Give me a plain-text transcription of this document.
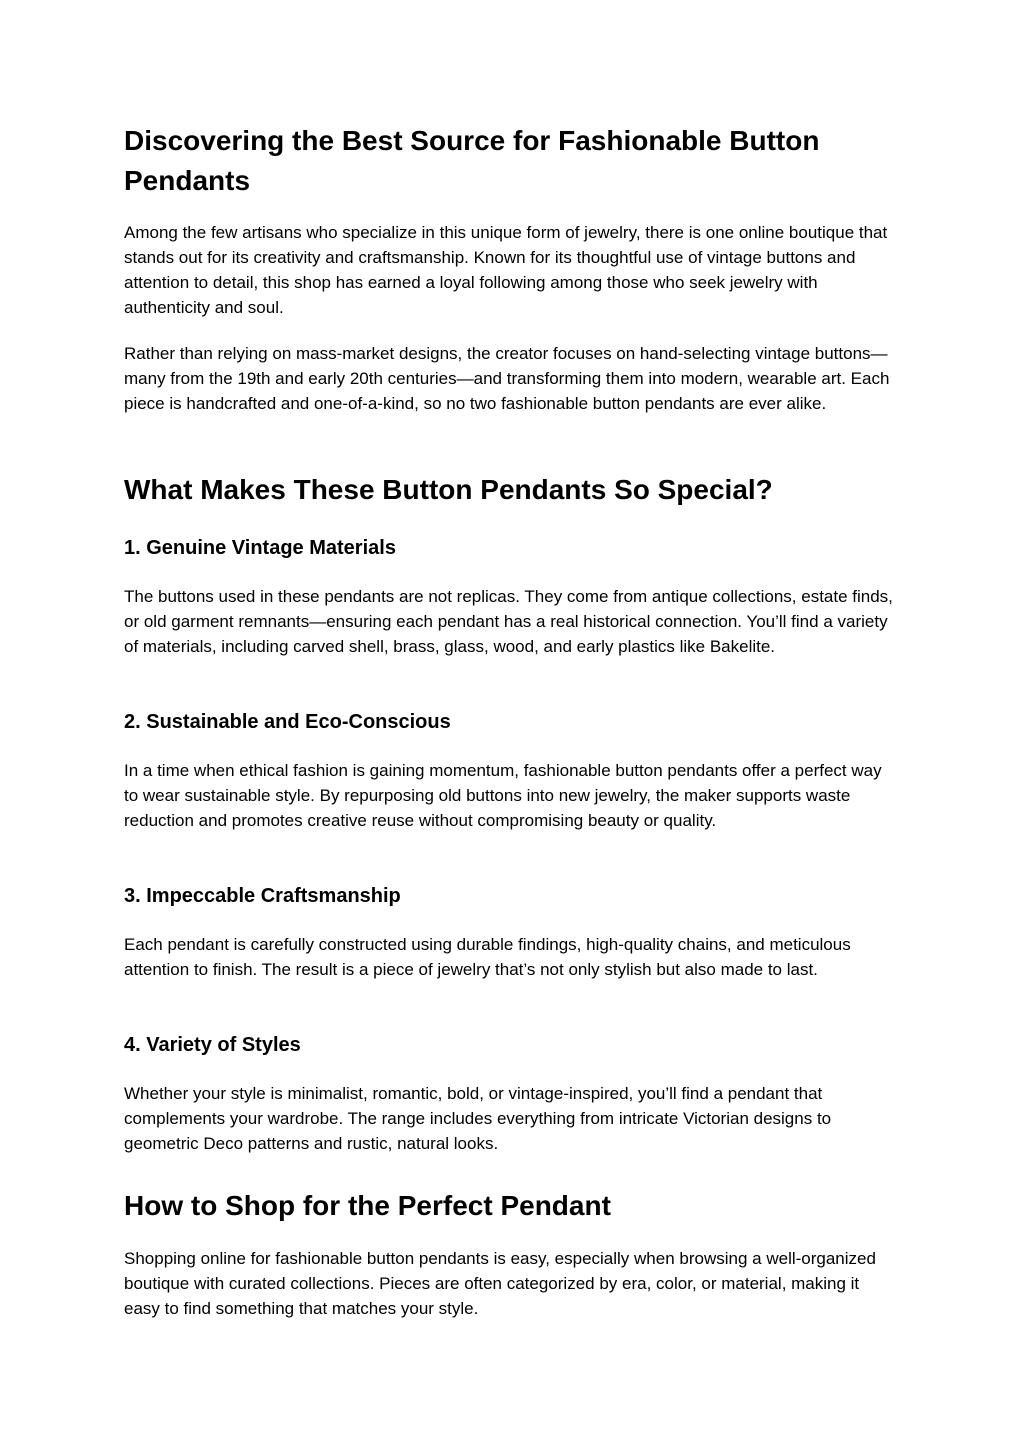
Discovering the Best Source for Fashionable Button Pendants

Among the few artisans who specialize in this unique form of jewelry, there is one online boutique that stands out for its creativity and craftsmanship. Known for its thoughtful use of vintage buttons and attention to detail, this shop has earned a loyal following among those who seek jewelry with authenticity and soul.

Rather than relying on mass-market designs, the creator focuses on hand-selecting vintage buttons—many from the 19th and early 20th centuries—and transforming them into modern, wearable art. Each piece is handcrafted and one-of-a-kind, so no two fashionable button pendants are ever alike.

What Makes These Button Pendants So Special?
1. Genuine Vintage Materials

The buttons used in these pendants are not replicas. They come from antique collections, estate finds, or old garment remnants—ensuring each pendant has a real historical connection. You’ll find a variety of materials, including carved shell, brass, glass, wood, and early plastics like Bakelite.

2. Sustainable and Eco-Conscious

In a time when ethical fashion is gaining momentum, fashionable button pendants offer a perfect way to wear sustainable style. By repurposing old buttons into new jewelry, the maker supports waste reduction and promotes creative reuse without compromising beauty or quality.

3. Impeccable Craftsmanship

Each pendant is carefully constructed using durable findings, high-quality chains, and meticulous attention to finish. The result is a piece of jewelry that’s not only stylish but also made to last.

4. Variety of Styles

Whether your style is minimalist, romantic, bold, or vintage-inspired, you’ll find a pendant that complements your wardrobe. The range includes everything from intricate Victorian designs to geometric Deco patterns and rustic, natural looks.

How to Shop for the Perfect Pendant

Shopping online for fashionable button pendants is easy, especially when browsing a well-organized boutique with curated collections. Pieces are often categorized by era, color, or material, making it easy to find something that matches your style.
